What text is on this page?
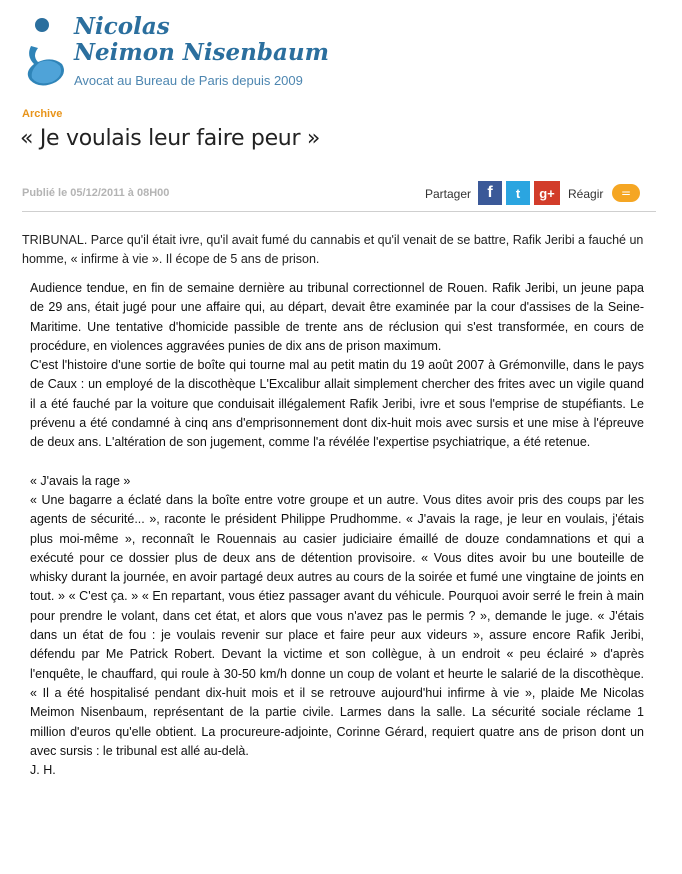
Nicolas
Neimon Nisenbaum
Avocat au Bureau de Paris depuis 2009
Archive
« Je voulais leur faire peur »
Publié le 05/12/2011 à 08H00	Partager f t g+ Réagir	=

TRIBUNAL. Parce qu'il était ivre, qu'il avait fumé du cannabis et qu'il venait de se battre, Rafik Jeribi a fauché un homme, « infirme à vie ». Il écope de 5 ans de prison.

Audience tendue, en fin de semaine dernière au tribunal correctionnel de Rouen. Rafik Jeribi, un jeune papa de 29 ans, était jugé pour une affaire qui, au départ, devait être examinée par la cour d'assises de la Seine-Maritime. Une tentative d'homicide passible de trente ans de réclusion qui s'est transformée, en cours de procédure, en violences aggravées punies de dix ans de prison maximum.

C'est l'histoire d'une sortie de boîte qui tourne mal au petit matin du 19 août 2007 à Grémonville, dans le pays de Caux : un employé de la discothèque L'Excalibur allait simplement chercher des frites avec un vigile quand il a été fauché par la voiture que conduisait illégalement Rafik Jeribi, ivre et sous l'emprise de stupéfiants. Le prévenu a été condamné à cinq ans d'emprisonnement dont dix-huit mois avec sursis et une mise à l'épreuve de deux ans. L'altération de son jugement, comme l'a révélée l'expertise psychiatrique, a été retenue.

« J'avais la rage »

« Une bagarre a éclaté dans la boîte entre votre groupe et un autre. Vous dites avoir pris des coups par les agents de sécurité... », raconte le président Philippe Prudhomme. « J'avais la rage, je leur en voulais, j'étais plus moi-même », reconnaît le Rouennais au casier judiciaire émaillé de douze condamnations et qui a exécuté pour ce dossier plus de deux ans de détention provisoire. « Vous dites avoir bu une bouteille de whisky durant la journée, en avoir partagé deux autres au cours de la soirée et fumé une vingtaine de joints en tout. » « C'est ça. » « En repartant, vous étiez passager avant du véhicule. Pourquoi avoir serré le frein à main pour prendre le volant, dans cet état, et alors que vous n'avez pas le permis ? », demande le juge. « J'étais dans un état de fou : je voulais revenir sur place et faire peur aux videurs », assure encore Rafik Jeribi, défendu par Me Patrick Robert. Devant la victime et son collègue, à un endroit « peu éclairé » d'après l'enquête, le chauffard, qui roule à 30-50 km/h donne un coup de volant et heurte le salarié de la discothèque. « Il a été hospitalisé pendant dix-huit mois et il se retrouve aujourd'hui infirme à vie », plaide Me Nicolas Meimon Nisenbaum, représentant de la partie civile. Larmes dans la salle. La sécurité sociale réclame 1 million d'euros qu'elle obtient. La procureure-adjointe, Corinne Gérard, requiert quatre ans de prison dont un avec sursis : le tribunal est allé au-delà.

J. H.
